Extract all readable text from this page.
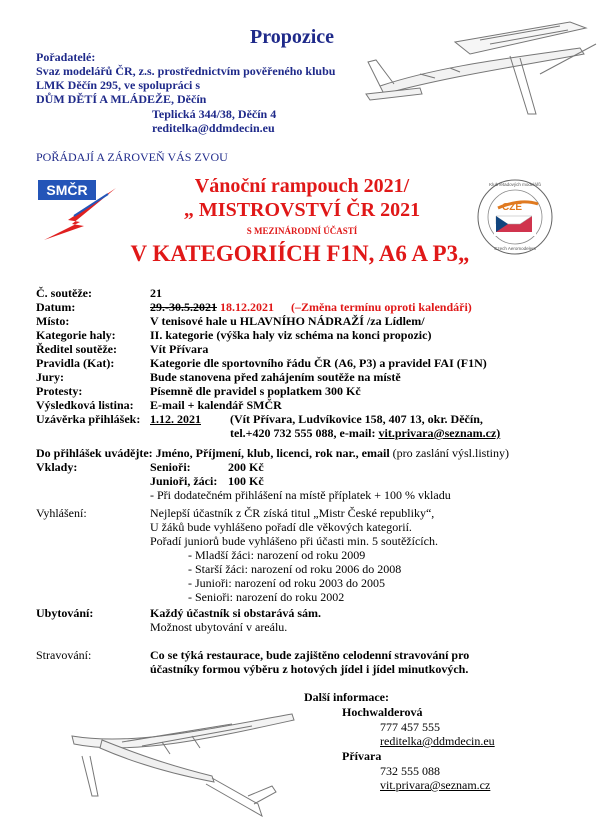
Propozice
Pořadatelé:
Svaz modelářů ČR, z.s. prostřednictvím pověřeného klubu
LMK Děčín 295, ve spolupráci s
DŮM DĚTÍ A MLÁDEŽE, Děčín
Teplická 344/38, Děčín 4
reditelka@ddmdecin.eu
POŘÁDAJÍ A ZÁROVEŇ VÁS ZVOU
SMČR
CZE
Klub letadových modelářů
Czech Aeromodelers
Vánoční rampouch 2021/
„ MISTROVSTVÍ ČR 2021
S MEZINÁRODNÍ ÚČASTÍ
V KATEGORIÍCH F1N, A6 A P3„
Č. soutěže:	21
Datum:	29.-30.5.2021 18.12.2021 (–Změna termínu oproti kalendáři)
Místo:	V tenisové hale u HLAVNÍHO NÁDRAŽÍ /za Lídlem/
Kategorie haly:	II. kategorie (výška haly viz schéma na konci propozic)
Ředitel soutěže:	Vít Přívara
Pravidla (Kat):	Kategorie dle sportovního řádu ČR (A6, P3) a pravidel FAI (F1N)
Jury:	Bude stanovena před zahájením soutěže na místě
Protesty:	Písemně dle pravidel s poplatkem 300 Kč
Výsledková listina: E-mail + kalendář SMČR
Uzávěrka přihlášek: 1.12. 2021 (Vít Přívara, Ludvíkovice 158, 407 13, okr. Děčín,
tel.+420 732 555 088, e-mail: vit.privara@seznam.cz)
Do přihlášek uvádějte: Jméno, Příjmení, klub, licenci, rok nar., email (pro zaslání výsl.listiny)
Vklady:	Senioři:	200 Kč
Junioři, žáci: 100 Kč
- Při dodatečném přihlášení na místě příplatek + 100 % vkladu
Vyhlášení:	Nejlepší účastník z ČR získá titul „Mistr České republiky“,
U žáků bude vyhlášeno pořadí dle věkových kategorií.
Pořadí juniorů bude vyhlášeno při účasti min. 5 soutěžících.
- Mladší žáci: narození od roku 2009
- Starší žáci: narození od roku 2006 do 2008
- Junioři: narození od roku 2003 do 2005
- Senioři: narození do roku 2002
Ubytování:	Každý účastník si obstarává sám.
Možnost ubytování v areálu.
Stravování:	Co se týká restaurace, bude zajištěno celodenní stravování pro
účastníky formou výběru z hotových jídel i jídel minutkových.
Další informace:
Hochwalderová
777 457 555
reditelka@ddmdecin.eu
Přívara
732 555 088
vit.privara@seznam.cz
